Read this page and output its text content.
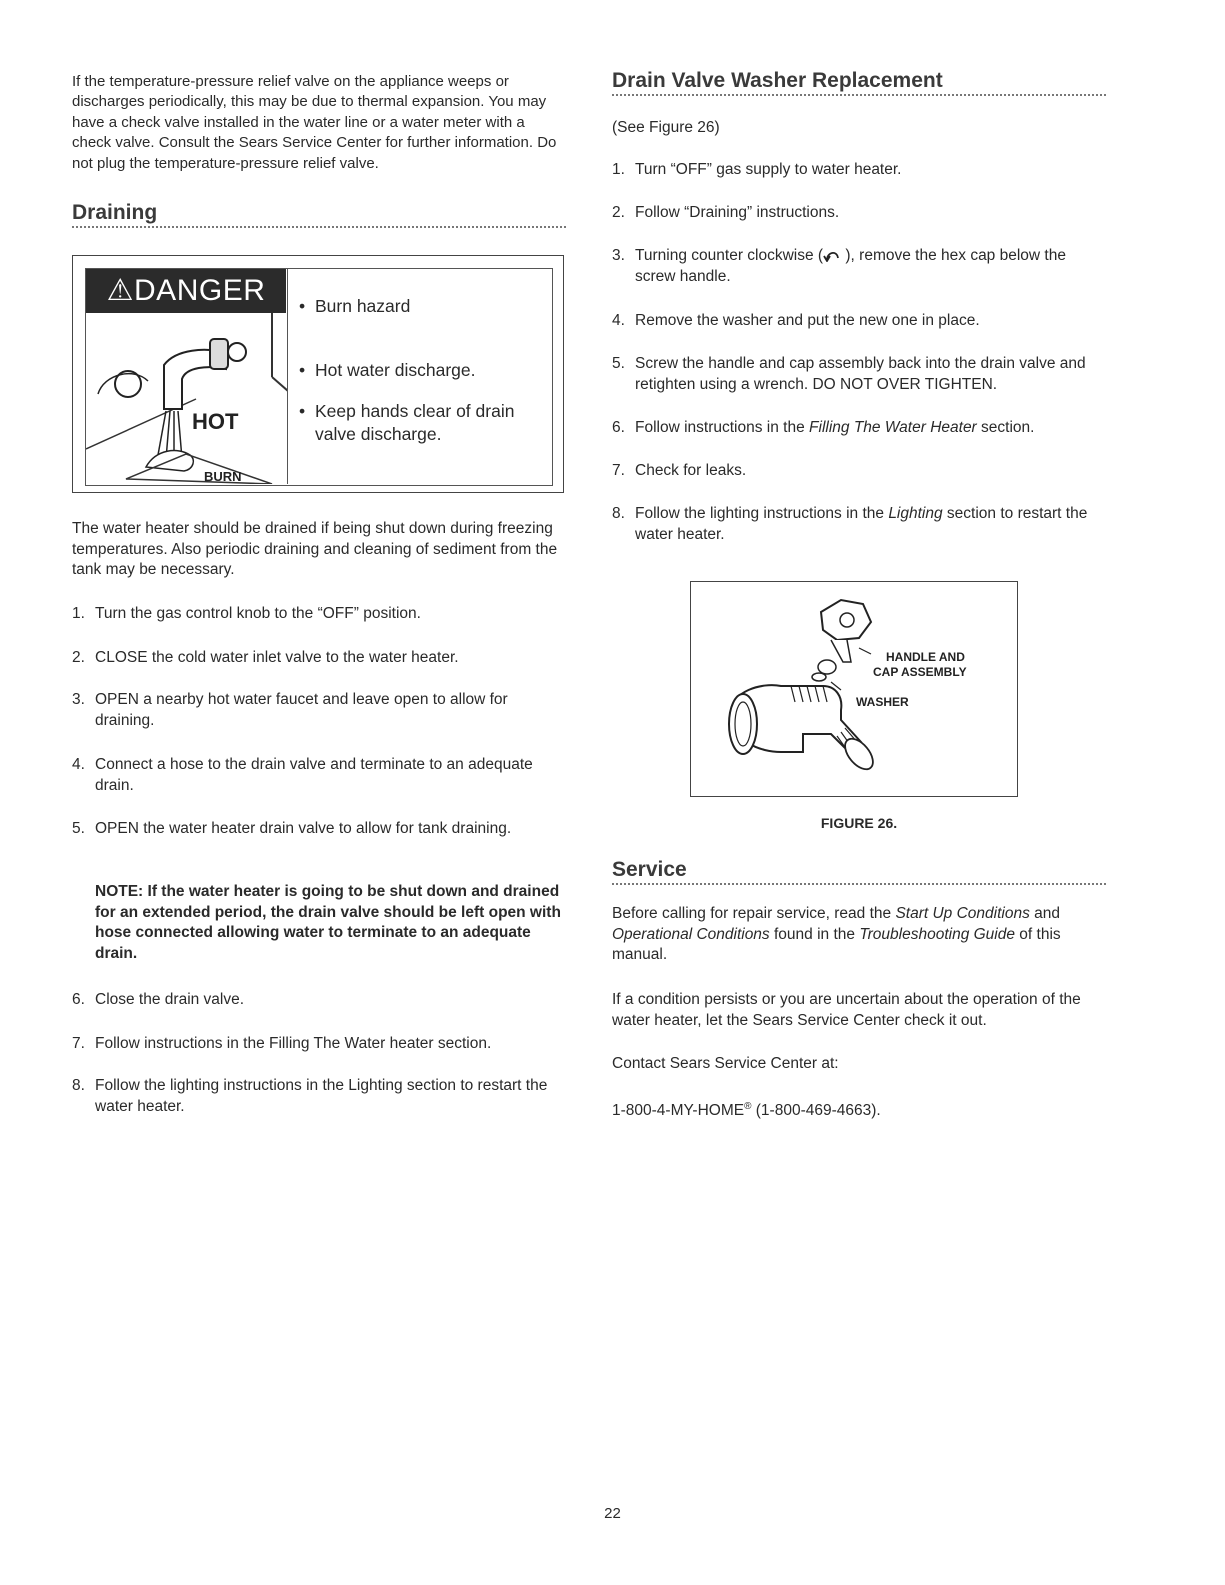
If the temperature-pressure relief valve on the appliance weeps or discharges periodically, this may be due to thermal expansion. You may have a check valve installed in the water line or a water meter with a check valve. Consult the Sears Service Center for further information. Do not plug the temperature-pressure relief valve.

Draining
⚠DANGER
HOT
BURN
• Burn hazard
• Hot water discharge.
• Keep hands clear of drain valve discharge.

The water heater should be drained if being shut down during freezing temperatures. Also periodic draining and cleaning of sediment from the tank may be necessary.

1. Turn the gas control knob to the “OFF” position.
2. CLOSE the cold water inlet valve to the water heater.
3. OPEN a nearby hot water faucet and leave open to allow for draining.
4. Connect a hose to the drain valve and terminate to an adequate drain.
5. OPEN the water heater drain valve to allow for tank draining.

NOTE: If the water heater is going to be shut down and drained for an extended period, the drain valve should be left open with hose connected allowing water to terminate to an adequate drain.

6. Close the drain valve.
7. Follow instructions in the Filling The Water heater section.
8. Follow the lighting instructions in the Lighting section to restart the water heater.
Drain Valve Washer Replacement

(See Figure 26)

1. Turn “OFF” gas supply to water heater.
2. Follow “Draining” instructions.
3. Turning counter clockwise ( ), remove the hex cap below the screw handle.
4. Remove the washer and put the new one in place.
5. Screw the handle and cap assembly back into the drain valve and retighten using a wrench. DO NOT OVER TIGHTEN.
6. Follow instructions in the Filling The Water Heater section.
7. Check for leaks.
8. Follow the lighting instructions in the Lighting section to restart the water heater.
HANDLE AND
CAP ASSEMBLY
WASHER
FIGURE 26.
Service

Before calling for repair service, read the Start Up Conditions and Operational Conditions found in the Troubleshooting Guide of this manual.

If a condition persists or you are uncertain about the operation of the water heater, let the Sears Service Center check it out.

Contact Sears Service Center at:

1-800-4-MY-HOME® (1-800-469-4663).

22
